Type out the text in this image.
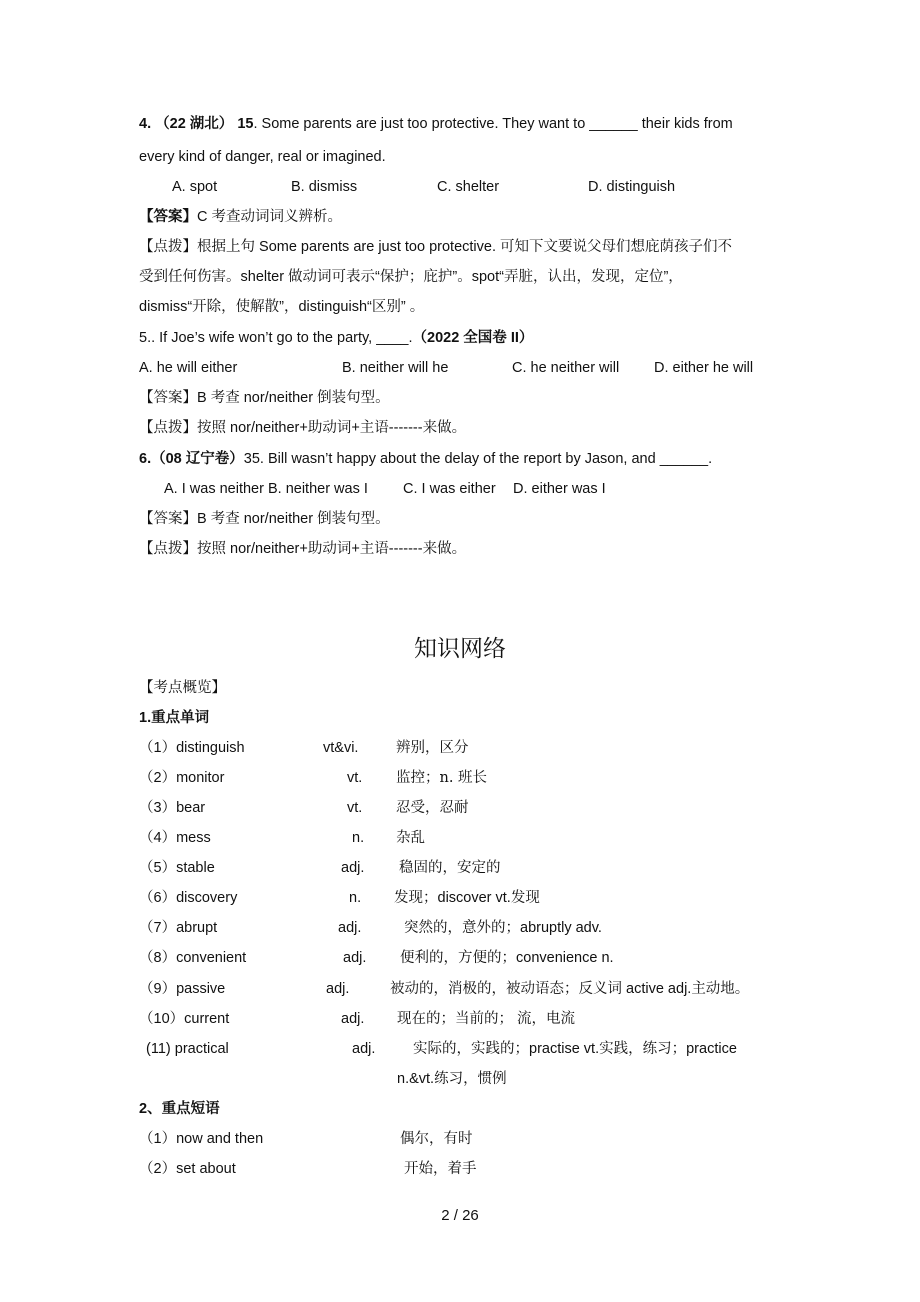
4. （22 湖北） 15. Some parents are just too protective. They want to ______ their kids from
every kind of danger, real or imagined.
A. spot	B. dismiss	C. shelter	D. distinguish
【答案】C 考查动词词义辨析。
【点拨】根据上句 Some parents are just too protective. 可知下文要说父母们想庇荫孩子们不
受到任何伤害。shelter 做动词可表示“保护；庇护”。spot“弄脏，认出，发现，定位”，
dismiss“开除，使解散”，distinguish“区别” 。
5.. If Joe’s wife won’t go to the party, ____.（2022 全国卷 II）
A. he will either	B. neither will he	C. he neither will D. either he will
【答案】B 考查 nor/neither 倒装句型。
【点拨】按照 nor/neither+助动词+主语-------来做。
6.（08 辽宁卷）35. Bill wasn’t happy about the delay of the report by Jason, and ______.
A. I was neither B. neither was I C. I was either D. either was I
【答案】B 考查 nor/neither 倒装句型。
【点拨】按照 nor/neither+助动词+主语-------来做。
知识网络
【考点概览】
1.重点单词
（1）distinguish	vt&vi.	辨别，区分
（2）monitor	vt. 监控；n. 班长
（3）bear	vt. 忍受，忍耐
（4）mess	n. 杂乱
（5）stable	adj. 稳固的，安定的
（6）discovery	n. 发现；discover vt.发现
（7）abrupt	adj.	突然的，意外的；abruptly adv.
（8）convenient	adj. 便利的，方便的；convenience n.
（9）passive	adj.	被动的，消极的，被动语态；反义词 active adj.主动地。
（10）current	adj. 现在的；当前的； 流，电流
(11) practical	adj.	实际的，实践的；practise vt.实践，练习；practice
n.&vt.练习，惯例
2、重点短语
（1）now and then	偶尔，有时
（2）set about	开始，着手
2 / 26
